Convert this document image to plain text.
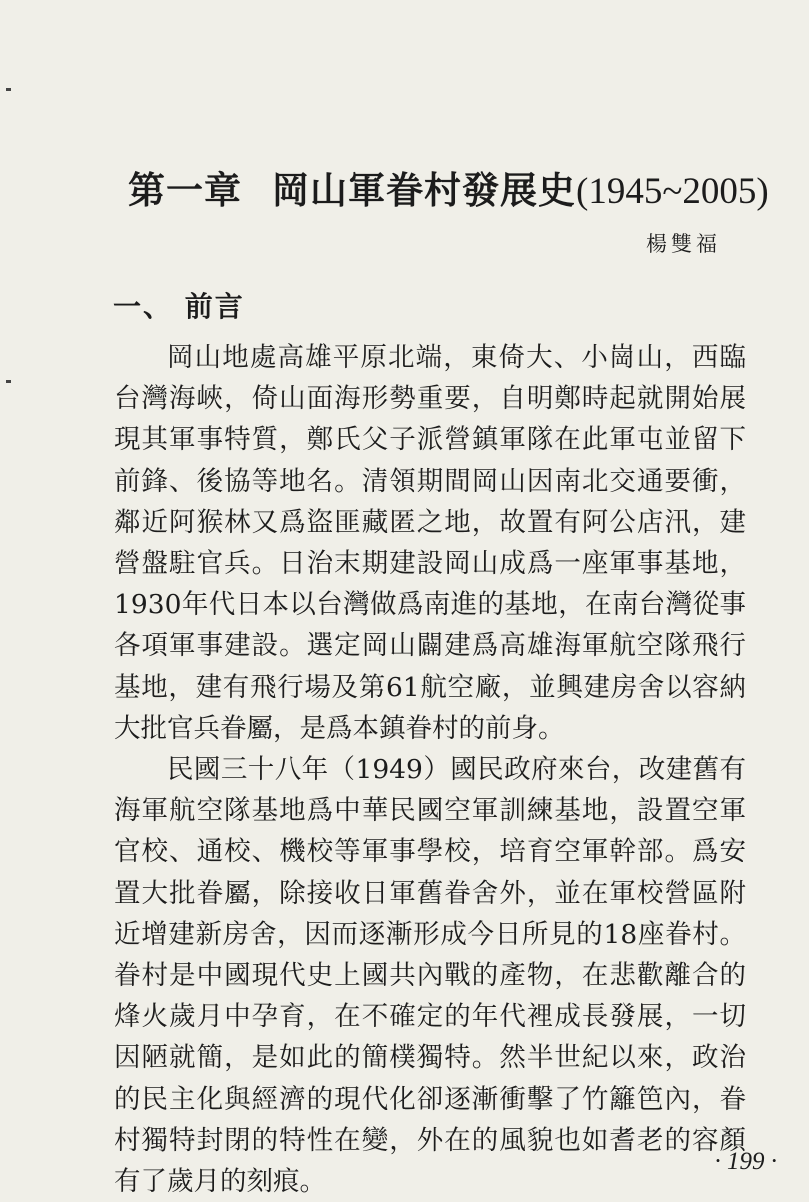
第一章 岡山軍眷村發展史(1945~2005)
楊雙福
一、 前言

岡山地處高雄平原北端，東倚大、小崗山，西臨台灣海峽，倚山面海形勢重要，自明鄭時起就開始展現其軍事特質，鄭氏父子派營鎮軍隊在此軍屯並留下前鋒、後協等地名。清領期間岡山因南北交通要衝，鄰近阿猴林又爲盜匪藏匿之地，故置有阿公店汛，建營盤駐官兵。日治末期建設岡山成爲一座軍事基地，1930年代日本以台灣做爲南進的基地，在南台灣從事各項軍事建設。選定岡山闢建爲高雄海軍航空隊飛行基地，建有飛行場及第61航空廠，並興建房舍以容納大批官兵眷屬，是爲本鎮眷村的前身。

民國三十八年（1949）國民政府來台，改建舊有海軍航空隊基地爲中華民國空軍訓練基地，設置空軍官校、通校、機校等軍事學校，培育空軍幹部。爲安置大批眷屬，除接收日軍舊眷舍外，並在軍校營區附近增建新房舍，因而逐漸形成今日所見的18座眷村。眷村是中國現代史上國共內戰的產物，在悲歡離合的烽火歲月中孕育，在不確定的年代裡成長發展，一切因陋就簡，是如此的簡樸獨特。然半世紀以來，政治的民主化與經濟的現代化卻逐漸衝擊了竹籬笆內，眷村獨特封閉的特性在變，外在的風貌也如耆老的容顏有了歲月的刻痕。

· 199 ·
